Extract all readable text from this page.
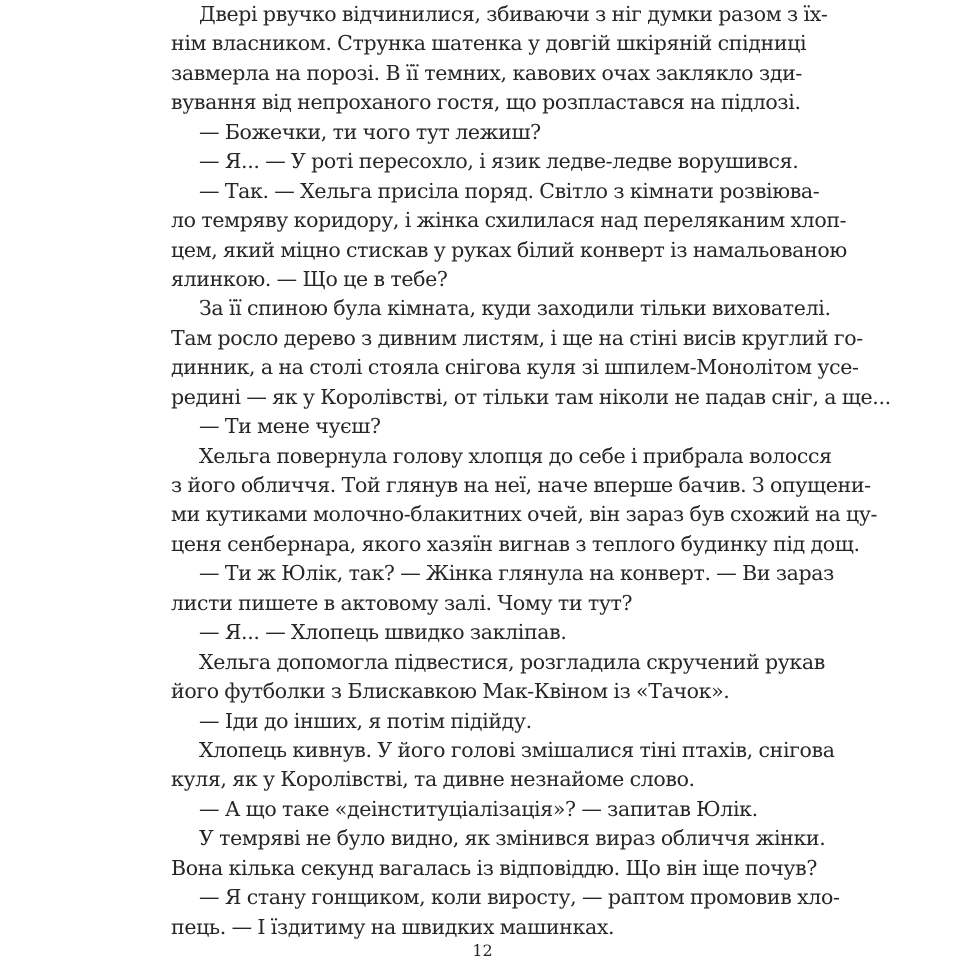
Двері рвучко відчинилися, збиваючи з ніг думки разом з їх-
нім власником. Струнка шатенка у довгій шкіряній спідниці
завмерла на порозі. В її темних, кавових очах заклякло зди-
вування від непроханого гостя, що розпластався на підлозі.
— Божечки, ти чого тут лежиш?
— Я... — У роті пересохло, і язик ледве-ледве ворушився.
— Так. — Хельга присіла поряд. Світло з кімнати розвіюва-
ло темряву коридору, і жінка схилилася над переляканим хлоп-
цем, який міцно стискав у руках білий конверт із намальованою
ялинкою. — Що це в тебе?
За її спиною була кімната, куди заходили тільки вихователі.
Там росло дерево з дивним листям, і ще на стіні висів круглий го-
динник, а на столі стояла снігова куля зі шпилем-Монолітом усе-
редині — як у Королівстві, от тільки там ніколи не падав сніг, а ще...
— Ти мене чуєш?
Хельга повернула голову хлопця до себе і прибрала волосся
з його обличчя. Той глянув на неї, наче вперше бачив. З опущени-
ми кутиками молочно-блакитних очей, він зараз був схожий на цу-
ценя сенбернара, якого хазяїн вигнав з теплого будинку під дощ.
— Ти ж Юлік, так? — Жінка глянула на конверт. — Ви зараз
листи пишете в актовому залі. Чому ти тут?
— Я... — Хлопець швидко закліпав.
Хельга допомогла підвестися, розгладила скручений рукав
його футболки з Блискавкою Мак-Квіном із «Тачок».
— Іди до інших, я потім підійду.
Хлопець кивнув. У його голові змішалися тіні птахів, снігова
куля, як у Королівстві, та дивне незнайоме слово.
— А що таке «деінституціалізація»? — запитав Юлік.
У темряві не було видно, як змінився вираз обличчя жінки.
Вона кілька секунд вагалась із відповіддю. Що він іще почув?
— Я стану гонщиком, коли виросту, — раптом промовив хло-
пець. — І їздитиму на швидких машинках.
12
